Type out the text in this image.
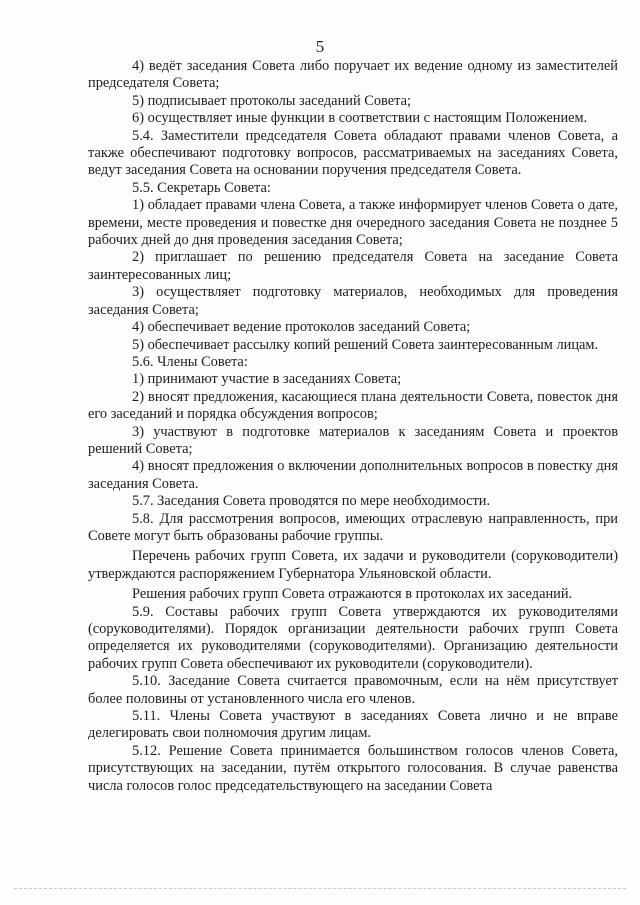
5

4) ведёт заседания Совета либо поручает их ведение одному из заместителей председателя Совета;

5) подписывает протоколы заседаний Совета;

6) осуществляет иные функции в соответствии с настоящим Положением.

5.4. Заместители председателя Совета обладают правами членов Совета, а также обеспечивают подготовку вопросов, рассматриваемых на заседаниях Совета, ведут заседания Совета на основании поручения председателя Совета.

5.5. Секретарь Совета:

1) обладает правами члена Совета, а также информирует членов Совета о дате, времени, месте проведения и повестке дня очередного заседания Совета не позднее 5 рабочих дней до дня проведения заседания Совета;

2) приглашает по решению председателя Совета на заседание Совета заинтересованных лиц;

3) осуществляет подготовку материалов, необходимых для проведения заседания Совета;

4) обеспечивает ведение протоколов заседаний Совета;

5) обеспечивает рассылку копий решений Совета заинтересованным лицам.

5.6. Члены Совета:

1) принимают участие в заседаниях Совета;

2) вносят предложения, касающиеся плана деятельности Совета, повесток дня его заседаний и порядка обсуждения вопросов;

3) участвуют в подготовке материалов к заседаниям Совета и проектов решений Совета;

4) вносят предложения о включении дополнительных вопросов в повестку дня заседания Совета.

5.7. Заседания Совета проводятся по мере необходимости.

5.8. Для рассмотрения вопросов, имеющих отраслевую направленность, при Совете могут быть образованы рабочие группы.

Перечень рабочих групп Совета, их задачи и руководители (соруководители) утверждаются распоряжением Губернатора Ульяновской области.

Решения рабочих групп Совета отражаются в протоколах их заседаний.

5.9. Составы рабочих групп Совета утверждаются их руководителями (соруководителями). Порядок организации деятельности рабочих групп Совета определяется их руководителями (соруководителями). Организацию деятельности рабочих групп Совета обеспечивают их руководители (соруководители).

5.10. Заседание Совета считается правомочным, если на нём присутствует более половины от установленного числа его членов.

5.11. Члены Совета участвуют в заседаниях Совета лично и не вправе делегировать свои полномочия другим лицам.

5.12. Решение Совета принимается большинством голосов членов Совета, присутствующих на заседании, путём открытого голосования. В случае равенства числа голосов голос председательствующего на заседании Совета
